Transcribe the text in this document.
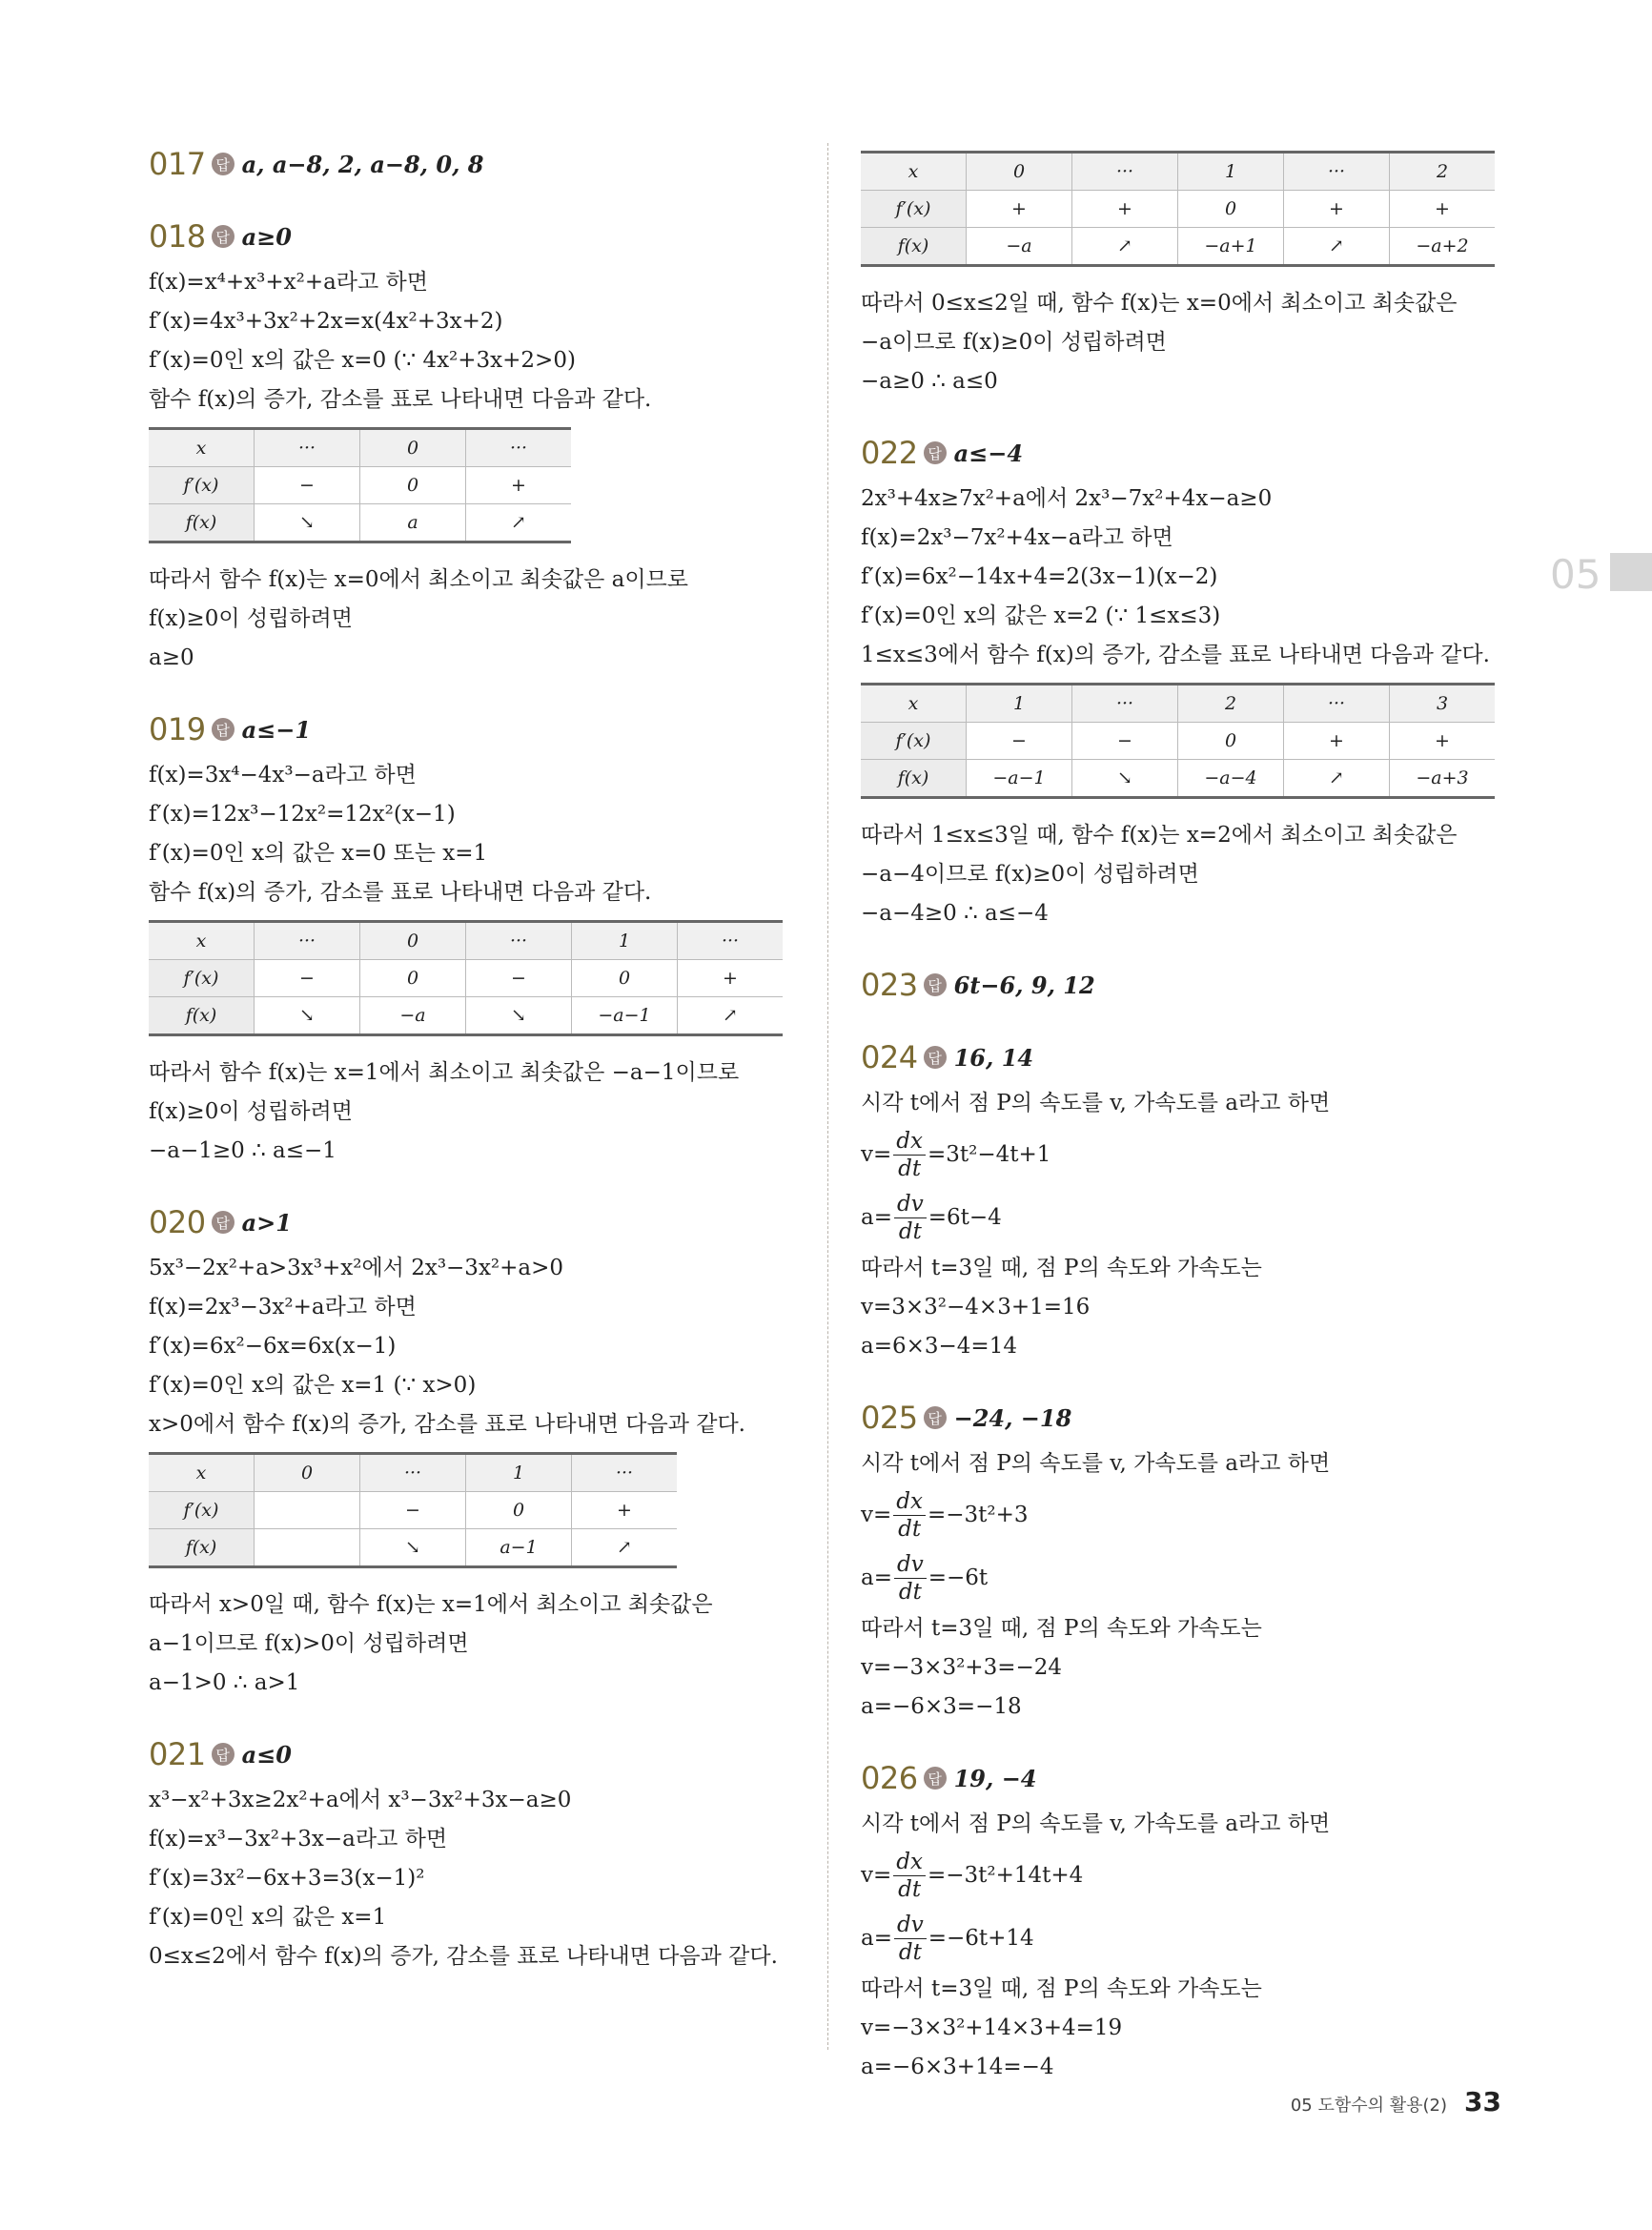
017 답 a, a−8, 2, a−8, 0, 8
018 답 a≥0
f(x)=x⁴+x³+x²+a라고 하면
f′(x)=4x³+3x²+2x=x(4x²+3x+2)
f′(x)=0인 x의 값은 x=0 (∵ 4x²+3x+2>0)
함수 f(x)의 증가, 감소를 표로 나타내면 다음과 같다.
x	···	0	···
f′(x)	−	0	+
f(x)	↘	a	↗
따라서 함수 f(x)는 x=0에서 최소이고 최솟값은 a이므로
f(x)≥0이 성립하려면
a≥0
019 답 a≤−1
f(x)=3x⁴−4x³−a라고 하면
f′(x)=12x³−12x²=12x²(x−1)
f′(x)=0인 x의 값은 x=0 또는 x=1
함수 f(x)의 증가, 감소를 표로 나타내면 다음과 같다.
x	···	0	···	1	···
f′(x)	−	0	−	0	+
f(x)	↘	−a	↘	−a−1	↗
따라서 함수 f(x)는 x=1에서 최소이고 최솟값은 −a−1이므로
f(x)≥0이 성립하려면
−a−1≥0 ∴ a≤−1
020 답 a>1
5x³−2x²+a>3x³+x²에서 2x³−3x²+a>0
f(x)=2x³−3x²+a라고 하면
f′(x)=6x²−6x=6x(x−1)
f′(x)=0인 x의 값은 x=1 (∵ x>0)
x>0에서 함수 f(x)의 증가, 감소를 표로 나타내면 다음과 같다.
x	0	···	1	···
f′(x)		−	0	+
f(x)		↘	a−1	↗
따라서 x>0일 때, 함수 f(x)는 x=1에서 최소이고 최솟값은
a−1이므로 f(x)>0이 성립하려면
a−1>0 ∴ a>1
021 답 a≤0
x³−x²+3x≥2x²+a에서 x³−3x²+3x−a≥0
f(x)=x³−3x²+3x−a라고 하면
f′(x)=3x²−6x+3=3(x−1)²
f′(x)=0인 x의 값은 x=1
0≤x≤2에서 함수 f(x)의 증가, 감소를 표로 나타내면 다음과 같다.
x	0	···	1	···	2
f′(x)	+	+	0	+	+
f(x)	−a	↗	−a+1	↗	−a+2
따라서 0≤x≤2일 때, 함수 f(x)는 x=0에서 최소이고 최솟값은
−a이므로 f(x)≥0이 성립하려면
−a≥0 ∴ a≤0
022 답 a≤−4
2x³+4x≥7x²+a에서 2x³−7x²+4x−a≥0
f(x)=2x³−7x²+4x−a라고 하면
f′(x)=6x²−14x+4=2(3x−1)(x−2)
f′(x)=0인 x의 값은 x=2 (∵ 1≤x≤3)
1≤x≤3에서 함수 f(x)의 증가, 감소를 표로 나타내면 다음과 같다.
x	1	···	2	···	3
f′(x)	−	−	0	+	+
f(x)	−a−1	↘	−a−4	↗	−a+3
따라서 1≤x≤3일 때, 함수 f(x)는 x=2에서 최소이고 최솟값은
−a−4이므로 f(x)≥0이 성립하려면
−a−4≥0 ∴ a≤−4
023 답 6t−6, 9, 12
024 답 16, 14
시각 t에서 점 P의 속도를 v, 가속도를 a라고 하면
$v= \frac{dx}{dt} =3t^2-4t+1$
$a= \frac{dv}{dt} =6t-4$
따라서 t=3일 때, 점 P의 속도와 가속도는
v=3×3²−4×3+1=16
a=6×3−4=14
025 답 −24, −18
시각 t에서 점 P의 속도를 v, 가속도를 a라고 하면
$v= \frac{dx}{dt} =-3t^2+3$
$a= \frac{dv}{dt} =-6t$
따라서 t=3일 때, 점 P의 속도와 가속도는
v=−3×3²+3=−24
a=−6×3=−18
026 답 19, −4
시각 t에서 점 P의 속도를 v, 가속도를 a라고 하면
$v= \frac{dx}{dt} =-3t^2+14t+4$
$a= \frac{dv}{dt} =-6t+14$
따라서 t=3일 때, 점 P의 속도와 가속도는
v=−3×3²+14×3+4=19
a=−6×3+14=−4
05
05 도함수의 활용(2) 33
